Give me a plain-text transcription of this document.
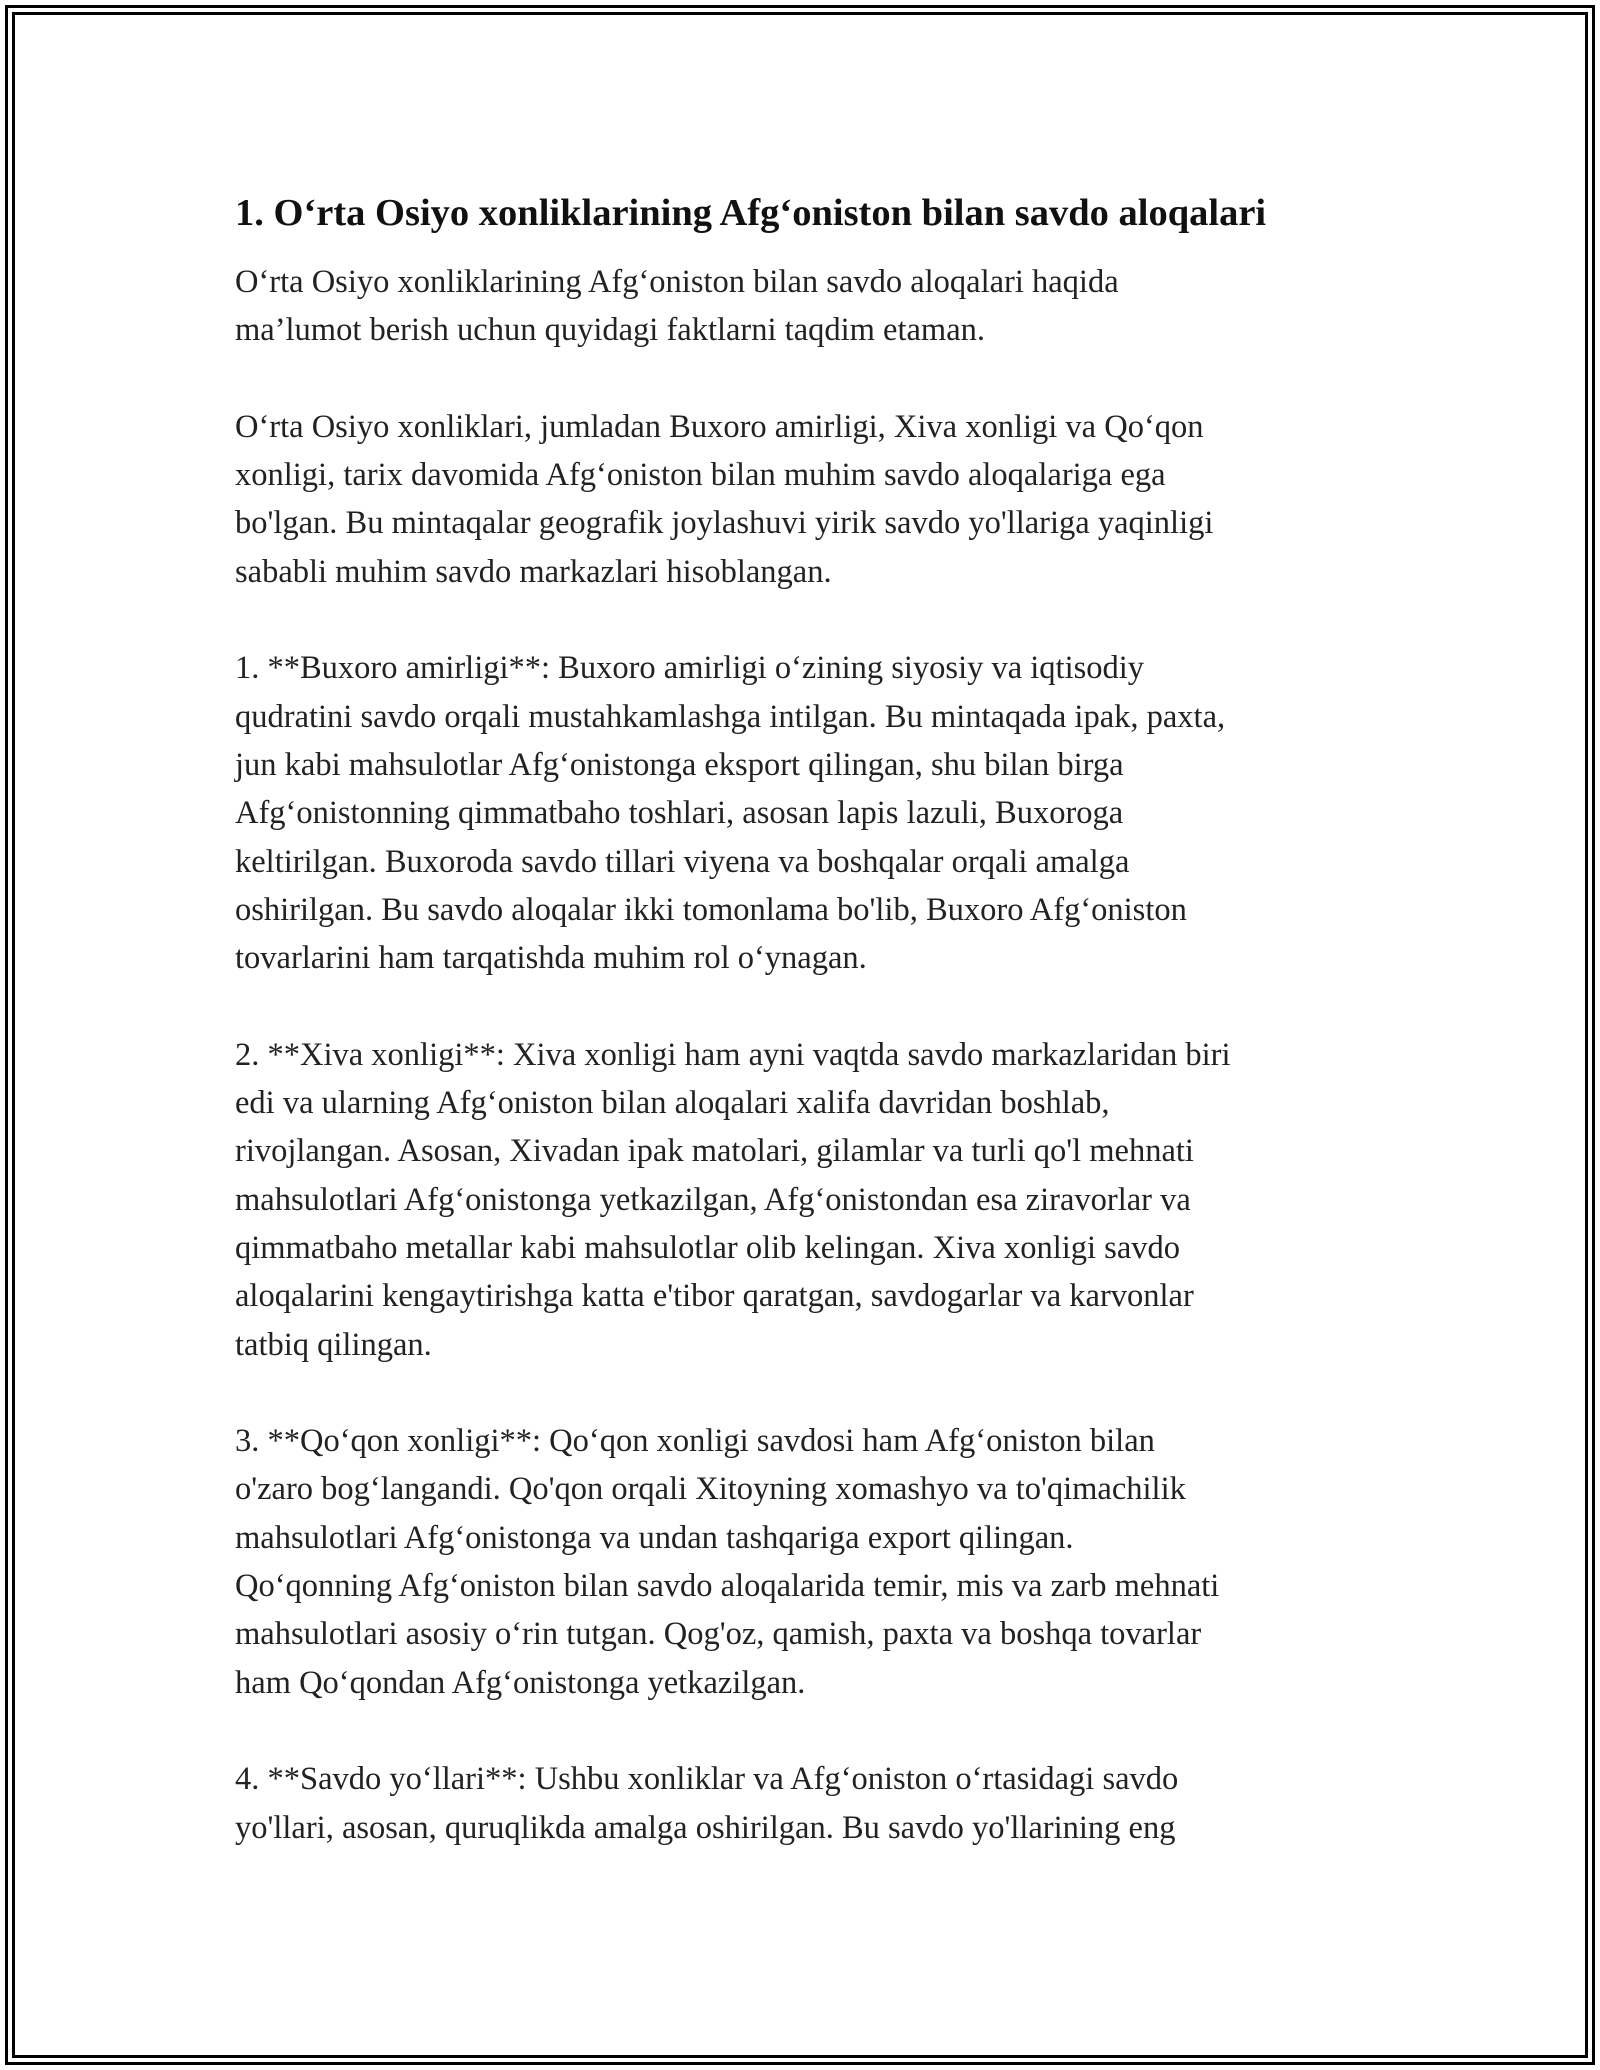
1. O‘rta Osiyo xonliklarining Afg‘oniston bilan savdo aloqalari

O‘rta Osiyo xonliklarining Afg‘oniston bilan savdo aloqalari haqida
ma’lumot berish uchun quyidagi faktlarni taqdim etaman.

O‘rta Osiyo xonliklari, jumladan Buxoro amirligi, Xiva xonligi va Qo‘qon
xonligi, tarix davomida Afg‘oniston bilan muhim savdo aloqalariga ega
bo'lgan. Bu mintaqalar geografik joylashuvi yirik savdo yo'llariga yaqinligi
sababli muhim savdo markazlari hisoblangan.

1. **Buxoro amirligi**: Buxoro amirligi o‘zining siyosiy va iqtisodiy
qudratini savdo orqali mustahkamlashga intilgan. Bu mintaqada ipak, paxta,
jun kabi mahsulotlar Afg‘onistonga eksport qilingan, shu bilan birga
Afg‘onistonning qimmatbaho toshlari, asosan lapis lazuli, Buxoroga
keltirilgan. Buxoroda savdo tillari viyena va boshqalar orqali amalga
oshirilgan. Bu savdo aloqalar ikki tomonlama bo'lib, Buxoro Afg‘oniston
tovarlarini ham tarqatishda muhim rol o‘ynagan.

2. **Xiva xonligi**: Xiva xonligi ham ayni vaqtda savdo markazlaridan biri
edi va ularning Afg‘oniston bilan aloqalari xalifa davridan boshlab,
rivojlangan. Asosan, Xivadan ipak matolari, gilamlar va turli qo'l mehnati
mahsulotlari Afg‘onistonga yetkazilgan, Afg‘onistondan esa ziravorlar va
qimmatbaho metallar kabi mahsulotlar olib kelingan. Xiva xonligi savdo
aloqalarini kengaytirishga katta e'tibor qaratgan, savdogarlar va karvonlar
tatbiq qilingan.

3. **Qo‘qon xonligi**: Qo‘qon xonligi savdosi ham Afg‘oniston bilan
o'zaro bog‘langandi. Qo'qon orqali Xitoyning xomashyo va to'qimachilik
mahsulotlari Afg‘onistonga va undan tashqariga export qilingan.
Qo‘qonning Afg‘oniston bilan savdo aloqalarida temir, mis va zarb mehnati
mahsulotlari asosiy o‘rin tutgan. Qog'oz, qamish, paxta va boshqa tovarlar
ham Qo‘qondan Afg‘onistonga yetkazilgan.

4. **Savdo yo‘llari**: Ushbu xonliklar va Afg‘oniston o‘rtasidagi savdo
yo'llari, asosan, quruqlikda amalga oshirilgan. Bu savdo yo'llarining eng
